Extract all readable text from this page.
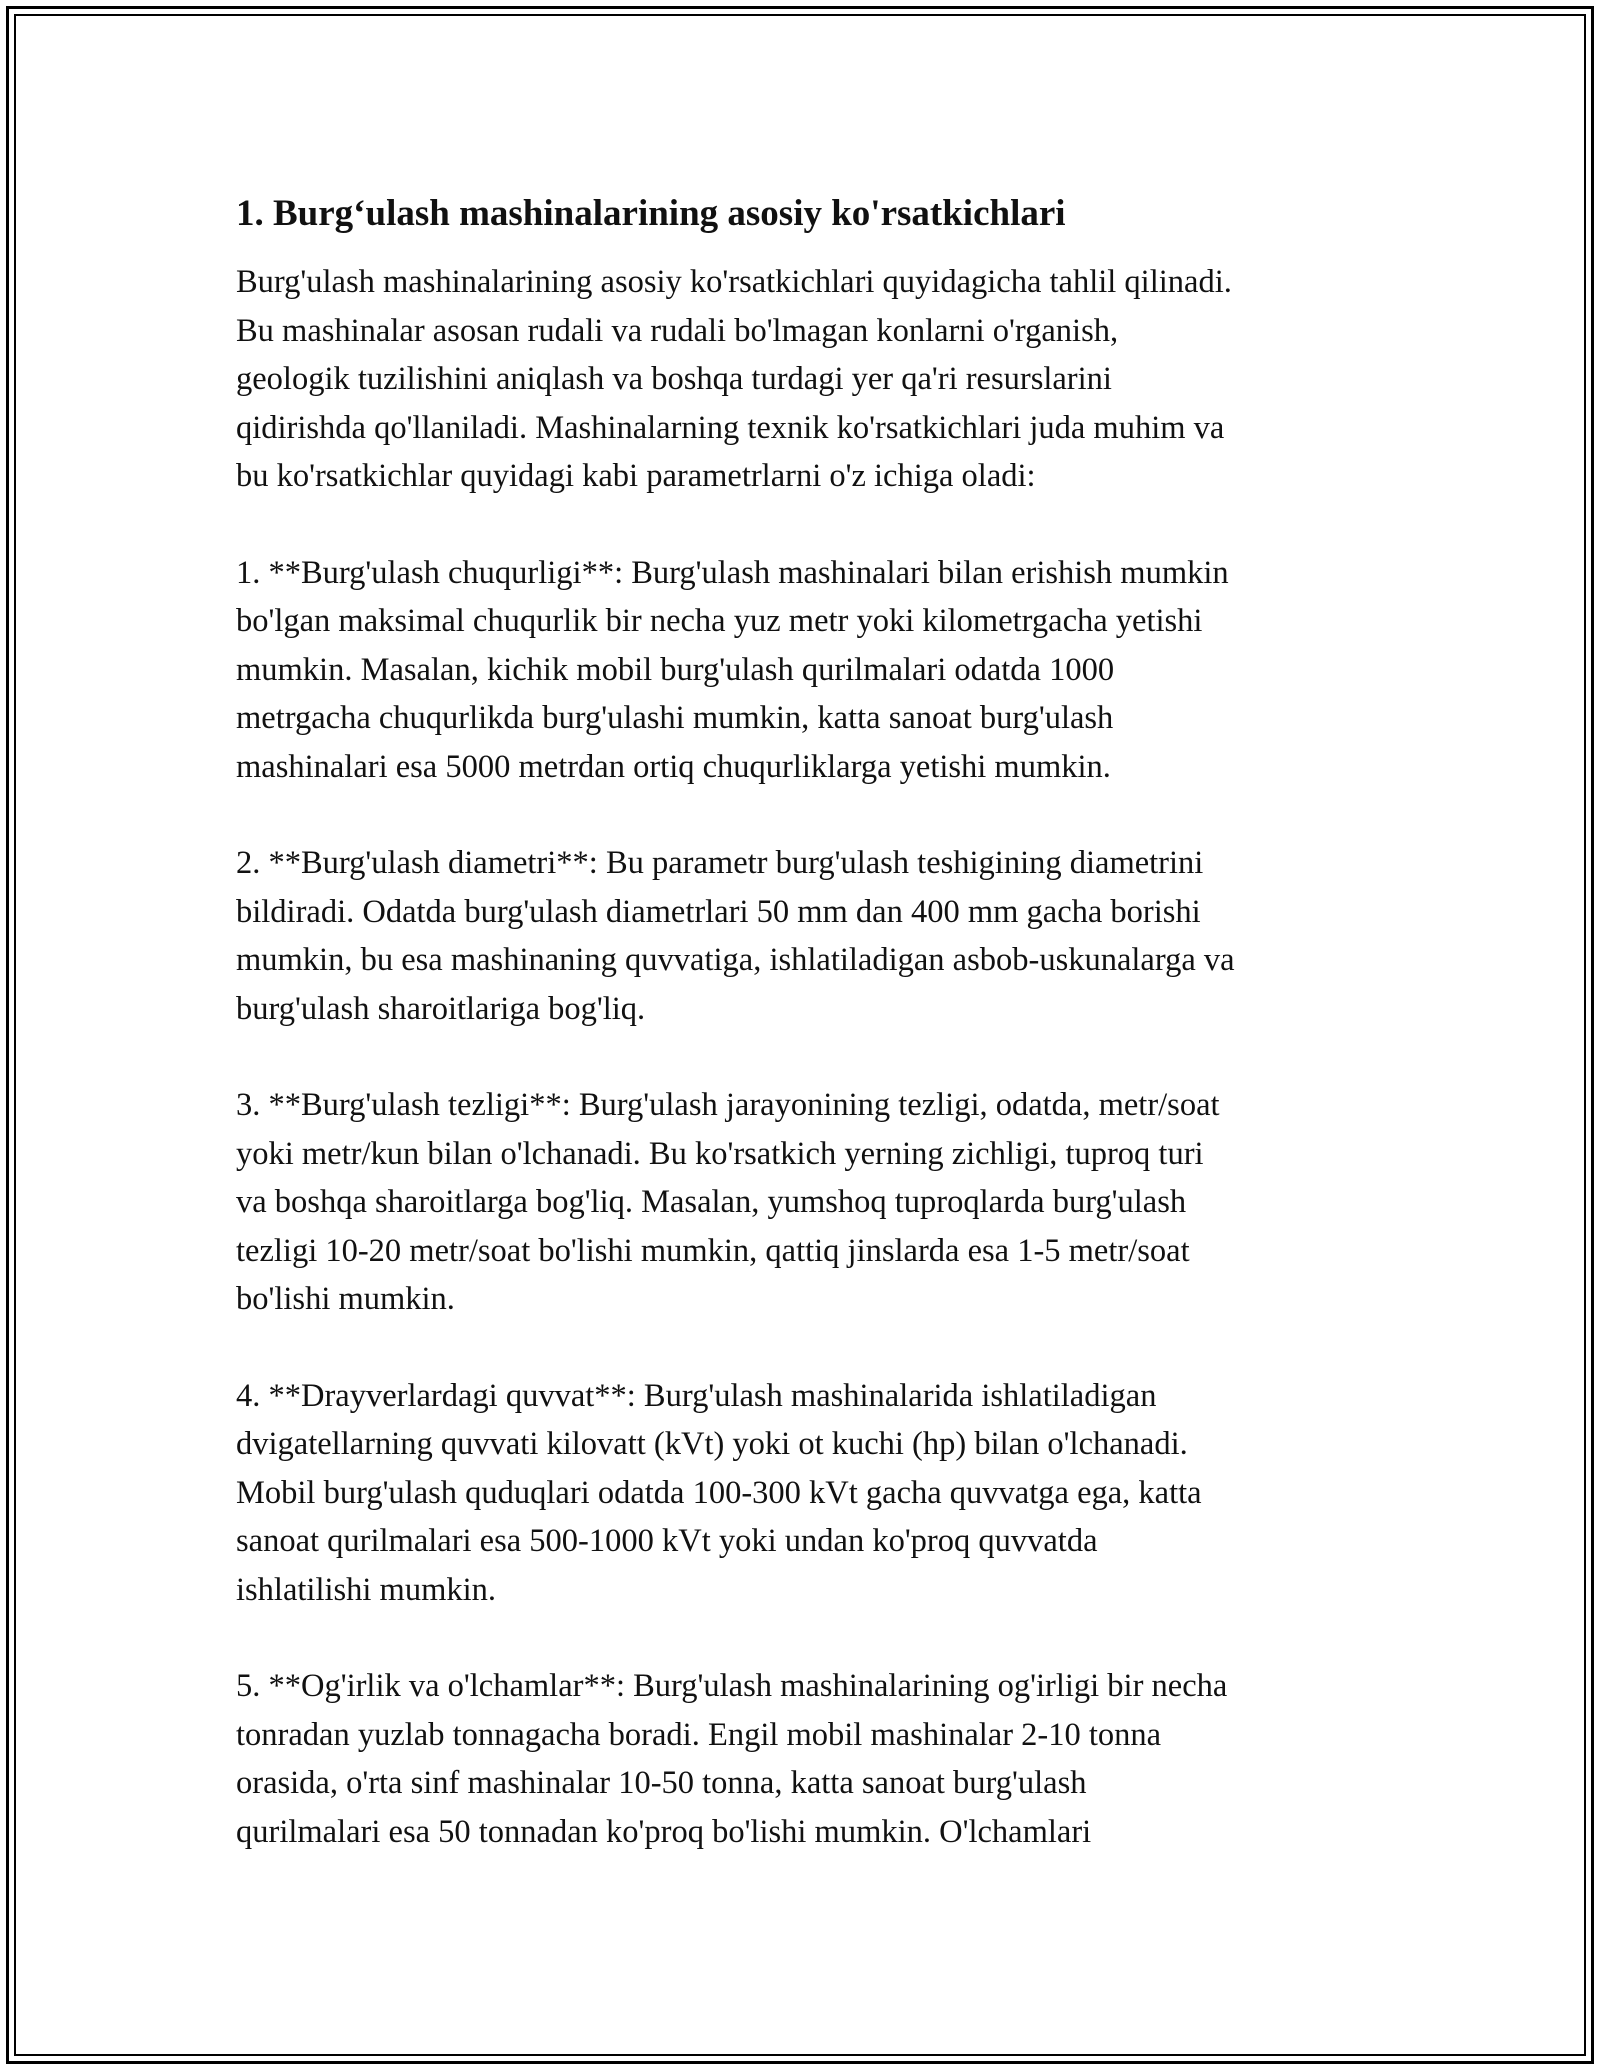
1. Burg‘ulash mashinalarining asosiy ko'rsatkichlari

Burg'ulash mashinalarining asosiy ko'rsatkichlari quyidagicha tahlil qilinadi.
Bu mashinalar asosan rudali va rudali bo'lmagan konlarni o'rganish,
geologik tuzilishini aniqlash va boshqa turdagi yer qa'ri resurslarini
qidirishda qo'llaniladi. Mashinalarning texnik ko'rsatkichlari juda muhim va
bu ko'rsatkichlar quyidagi kabi parametrlarni o'z ichiga oladi:

1. **Burg'ulash chuqurligi**: Burg'ulash mashinalari bilan erishish mumkin
bo'lgan maksimal chuqurlik bir necha yuz metr yoki kilometrgacha yetishi
mumkin. Masalan, kichik mobil burg'ulash qurilmalari odatda 1000
metrgacha chuqurlikda burg'ulashi mumkin, katta sanoat burg'ulash
mashinalari esa 5000 metrdan ortiq chuqurliklarga yetishi mumkin.

2. **Burg'ulash diametri**: Bu parametr burg'ulash teshigining diametrini
bildiradi. Odatda burg'ulash diametrlari 50 mm dan 400 mm gacha borishi
mumkin, bu esa mashinaning quvvatiga, ishlatiladigan asbob-uskunalarga va
burg'ulash sharoitlariga bog'liq.

3. **Burg'ulash tezligi**: Burg'ulash jarayonining tezligi, odatda, metr/soat
yoki metr/kun bilan o'lchanadi. Bu ko'rsatkich yerning zichligi, tuproq turi
va boshqa sharoitlarga bog'liq. Masalan, yumshoq tuproqlarda burg'ulash
tezligi 10-20 metr/soat bo'lishi mumkin, qattiq jinslarda esa 1-5 metr/soat
bo'lishi mumkin.

4. **Drayverlardagi quvvat**: Burg'ulash mashinalarida ishlatiladigan
dvigatellarning quvvati kilovatt (kVt) yoki ot kuchi (hp) bilan o'lchanadi.
Mobil burg'ulash quduqlari odatda 100-300 kVt gacha quvvatga ega, katta
sanoat qurilmalari esa 500-1000 kVt yoki undan ko'proq quvvatda
ishlatilishi mumkin.

5. **Og'irlik va o'lchamlar**: Burg'ulash mashinalarining og'irligi bir necha
tonradan yuzlab tonnagacha boradi. Engil mobil mashinalar 2-10 tonna
orasida, o'rta sinf mashinalar 10-50 tonna, katta sanoat burg'ulash
qurilmalari esa 50 tonnadan ko'proq bo'lishi mumkin. O'lchamlari
